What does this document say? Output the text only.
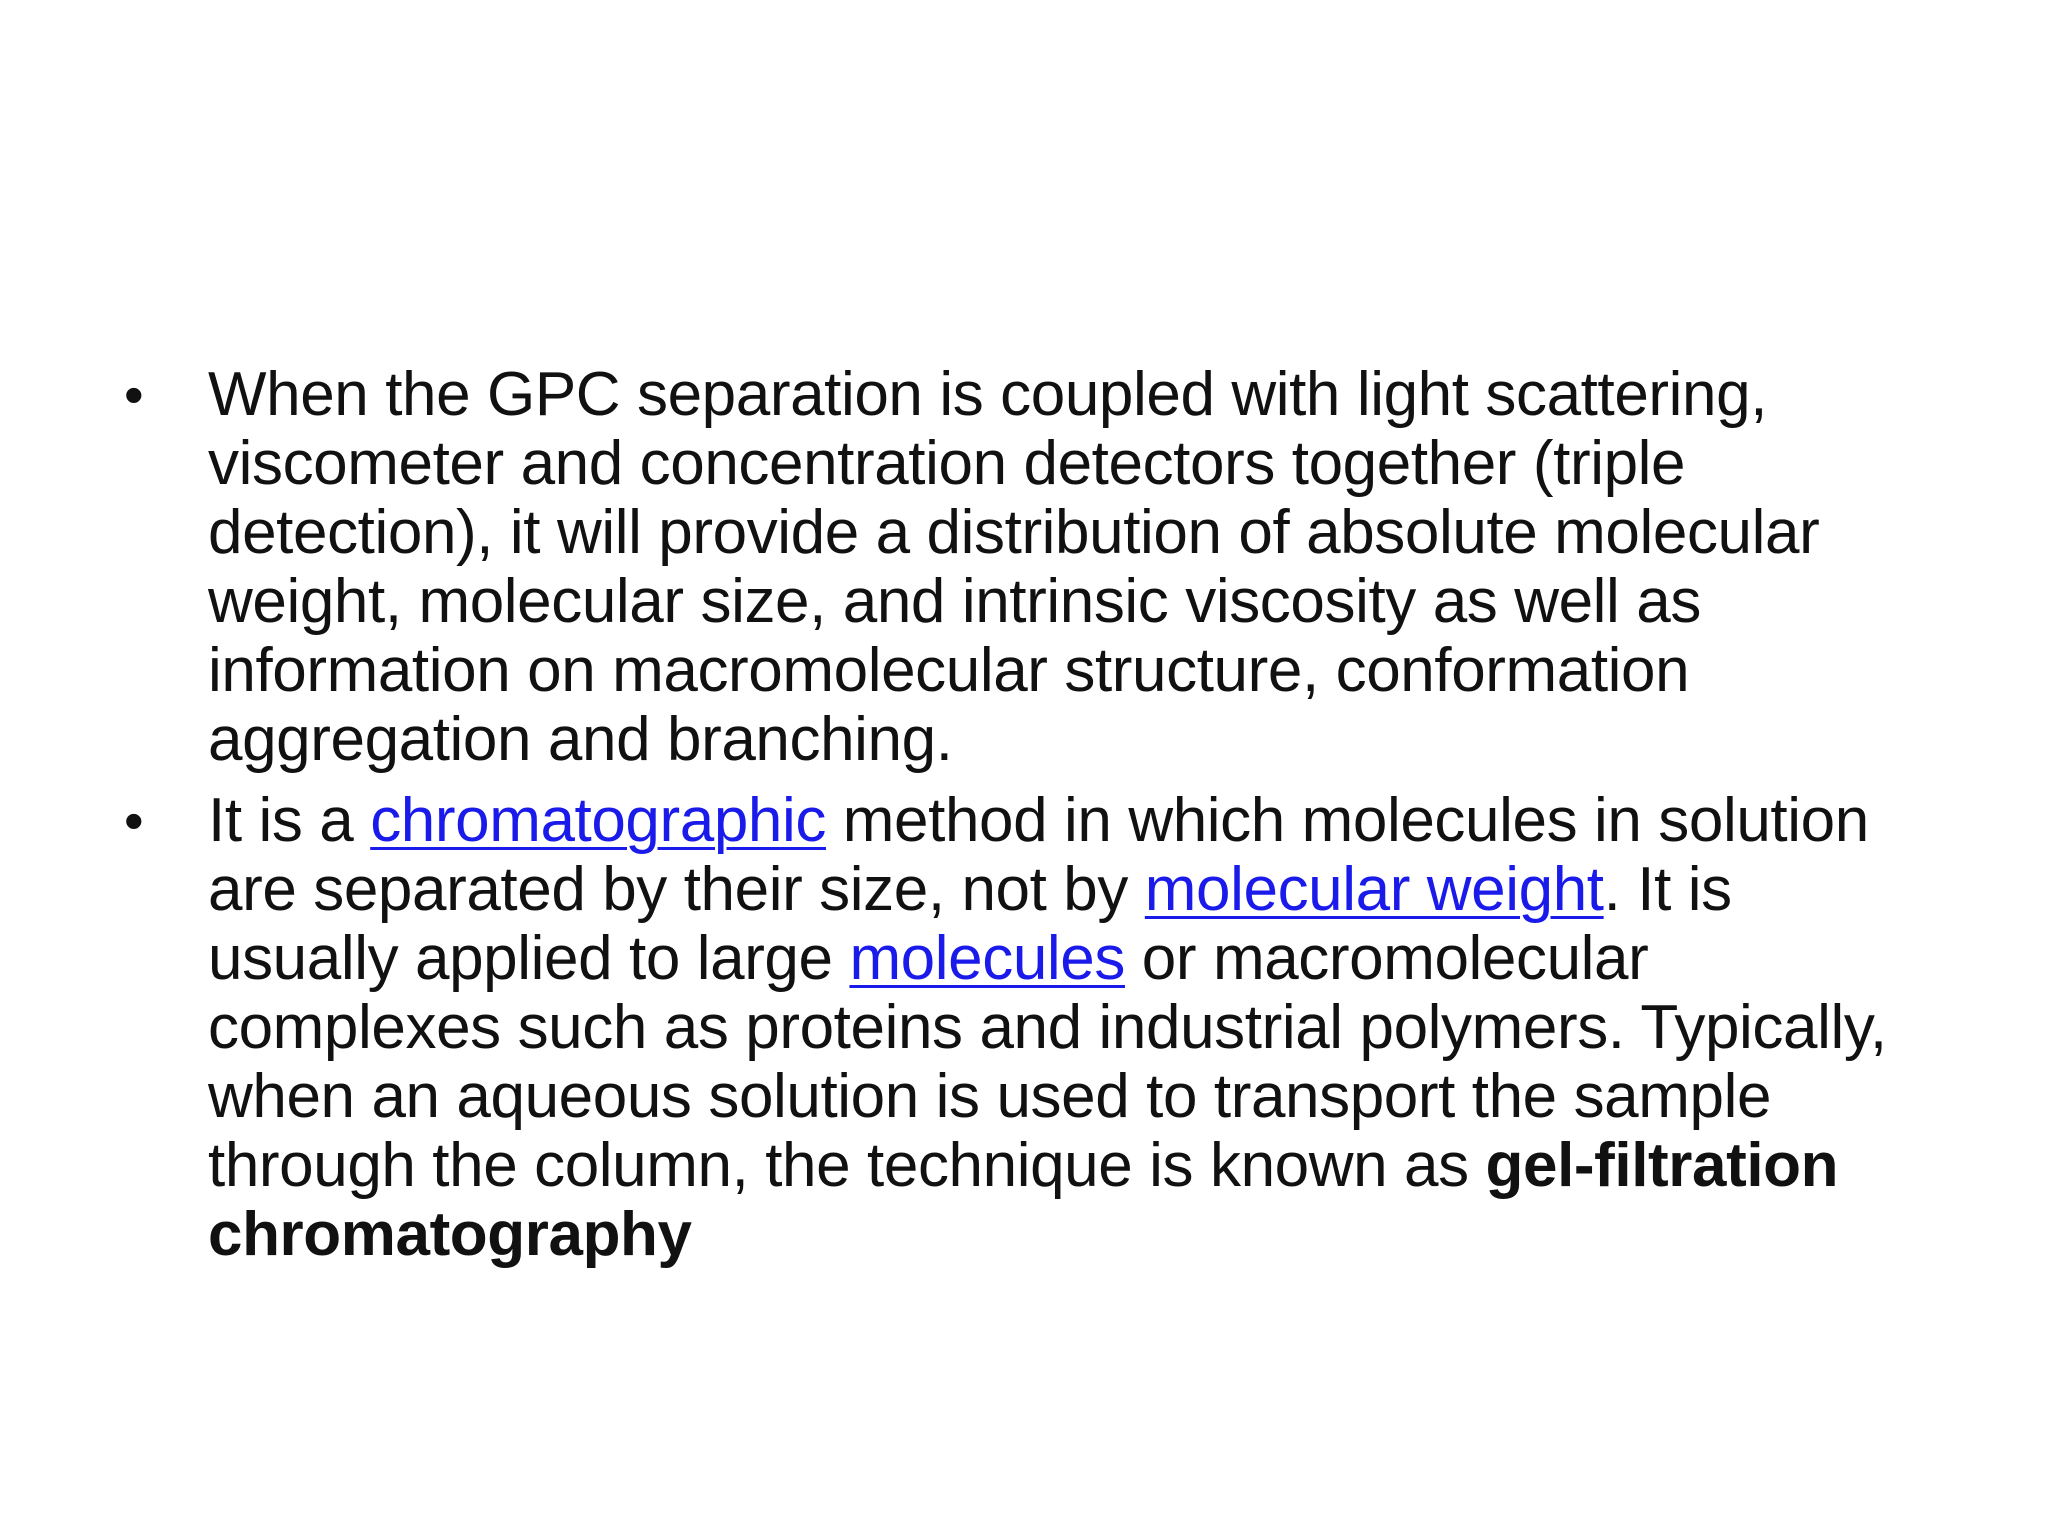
•	When the GPC separation is coupled with light scattering, viscometer and concentration detectors together (triple detection), it will provide a distribution of absolute molecular weight, molecular size, and intrinsic viscosity as well as information on macromolecular structure, conformation aggregation and branching.
•	It is a chromatographic method in which molecules in solution are separated by their size, not by molecular weight. It is usually applied to large molecules or macromolecular complexes such as proteins and industrial polymers. Typically, when an aqueous solution is used to transport the sample through the column, the technique is known as gel-filtration chromatography
